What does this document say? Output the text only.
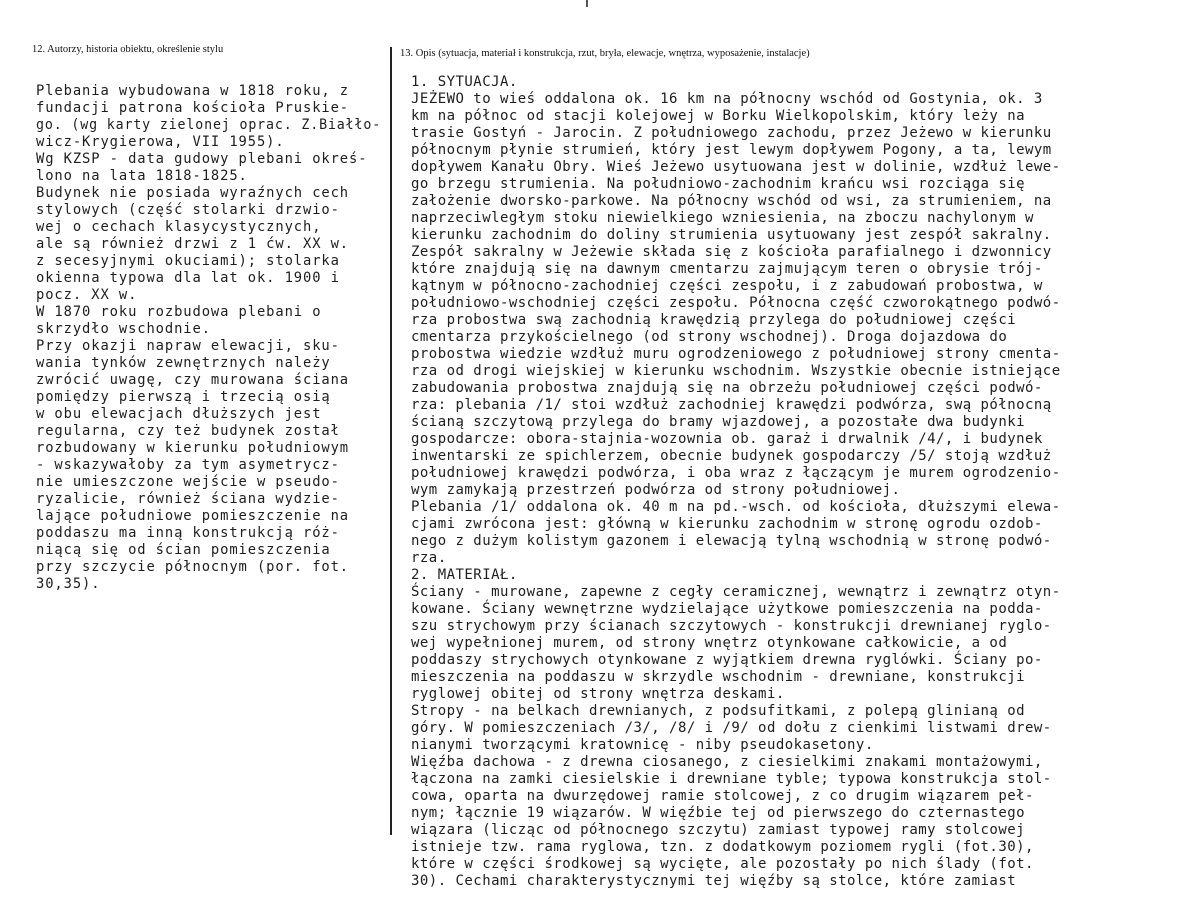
12. Autorzy, historia obiektu, określenie stylu	13. Opis (sytuacja, materiał i konstrukcja, rzut, bryła, elewacje, wnętrza, wyposażenie, instalacje)
Plebania wybudowana w 1818 roku, z
fundacji patrona kościoła Pruskie-
go. (wg karty zielonej oprac. Z.Białło-
wicz-Krygierowa, VII 1955).
Wg KZSP - data gudowy plebani okreś-
lono na lata 1818-1825.
Budynek nie posiada wyraźnych cech
stylowych (część stolarki drzwio-
wej o cechach klasycystycznych,
ale są również drzwi z 1 ćw. XX w.
z secesyjnymi okuciami); stolarka
okienna typowa dla lat ok. 1900 i
pocz. XX w.
W 1870 roku rozbudowa plebani o
skrzydło wschodnie.
Przy okazji napraw elewacji, sku-
wania tynków zewnętrznych należy
zwrócić uwagę, czy murowana ściana
pomiędzy pierwszą i trzecią osią
w obu elewacjach dłuższych jest
regularna, czy też budynek został
rozbudowany w kierunku południowym
- wskazywałoby za tym asymetrycz-
nie umieszczone wejście w pseudo-
ryzalicie, również ściana wydzie-
lające południowe pomieszczenie na
poddaszu ma inną konstrukcją róż-
niącą się od ścian pomieszczenia
przy szczycie północnym (por. fot.
30,35).
1. SYTUACJA.
JEŻEWO to wieś oddalona ok. 16 km na północny wschód od Gostynia, ok. 3
km na północ od stacji kolejowej w Borku Wielkopolskim, który leży na
trasie Gostyń - Jarocin. Z południowego zachodu, przez Jeżewo w kierunku
północnym płynie strumień, który jest lewym dopływem Pogony, a ta, lewym
dopływem Kanału Obry. Wieś Jeżewo usytuowana jest w dolinie, wzdłuż lewe-
go brzegu strumienia. Na południowo-zachodnim krańcu wsi rozciąga się
założenie dworsko-parkowe. Na północny wschód od wsi, za strumieniem, na
naprzeciwległym stoku niewielkiego wzniesienia, na zboczu nachylonym w
kierunku zachodnim do doliny strumienia usytuowany jest zespół sakralny.
Zespół sakralny w Jeżewie składa się z kościoła parafialnego i dzwonnicy
które znajdują się na dawnym cmentarzu zajmującym teren o obrysie trój-
kątnym w północno-zachodniej części zespołu, i z zabudowań probostwa, w
południowo-wschodniej części zespołu. Północna część czworokątnego podwó-
rza probostwa swą zachodnią krawędzią przylega do południowej części
cmentarza przykościelnego (od strony wschodnej). Droga dojazdowa do
probostwa wiedzie wzdłuż muru ogrodzeniowego z południowej strony cmenta-
rza od drogi wiejskiej w kierunku wschodnim. Wszystkie obecnie istniejące
zabudowania probostwa znajdują się na obrzeżu południowej części podwó-
rza: plebania /1/ stoi wzdłuż zachodniej krawędzi podwórza, swą północną
ścianą szczytową przylega do bramy wjazdowej, a pozostałe dwa budynki
gospodarcze: obora-stajnia-wozownia ob. garaż i drwalnik /4/, i budynek
inwentarski ze spichlerzem, obecnie budynek gospodarczy /5/ stoją wzdłuż
południowej krawędzi podwórza, i oba wraz z łączącym je murem ogrodzenio-
wym zamykają przestrzeń podwórza od strony południowej.
Plebania /1/ oddalona ok. 40 m na pd.-wsch. od kościoła, dłuższymi elewa-
cjami zwrócona jest: główną w kierunku zachodnim w stronę ogrodu ozdob-
nego z dużym kolistym gazonem i elewacją tylną wschodnią w stronę podwó-
rza.
2. MATERIAŁ.
Ściany - murowane, zapewne z cegły ceramicznej, wewnątrz i zewnątrz otyn-
kowane. Ściany wewnętrzne wydzielające użytkowe pomieszczenia na podda-
szu strychowym przy ścianach szczytowych - konstrukcji drewnianej ryglo-
wej wypełnionej murem, od strony wnętrz otynkowane całkowicie, a od
poddaszy strychowych otynkowane z wyjątkiem drewna ryglówki. Ściany po-
mieszczenia na poddaszu w skrzydle wschodnim - drewniane, konstrukcji
ryglowej obitej od strony wnętrza deskami.
Stropy - na belkach drewnianych, z podsufitkami, z polepą glinianą od
góry. W pomieszczeniach /3/, /8/ i /9/ od dołu z cienkimi listwami drew-
nianymi tworzącymi kratownicę - niby pseudokasetony.
Więźba dachowa - z drewna ciosanego, z ciesielkimi znakami montażowymi,
łączona na zamki ciesielskie i drewniane tyble; typowa konstrukcja stol-
cowa, oparta na dwurzędowej ramie stolcowej, z co drugim wiązarem peł-
nym; łącznie 19 wiązarów. W więźbie tej od pierwszego do czternastego
wiązara (licząc od północnego szczytu) zamiast typowej ramy stolcowej
istnieje tzw. rama ryglowa, tzn. z dodatkowym poziomem rygli (fot.30),
które w części środkowej są wycięte, ale pozostały po nich ślady (fot.
30). Cechami charakterystycznymi tej więźby są stolce, które zamiast
